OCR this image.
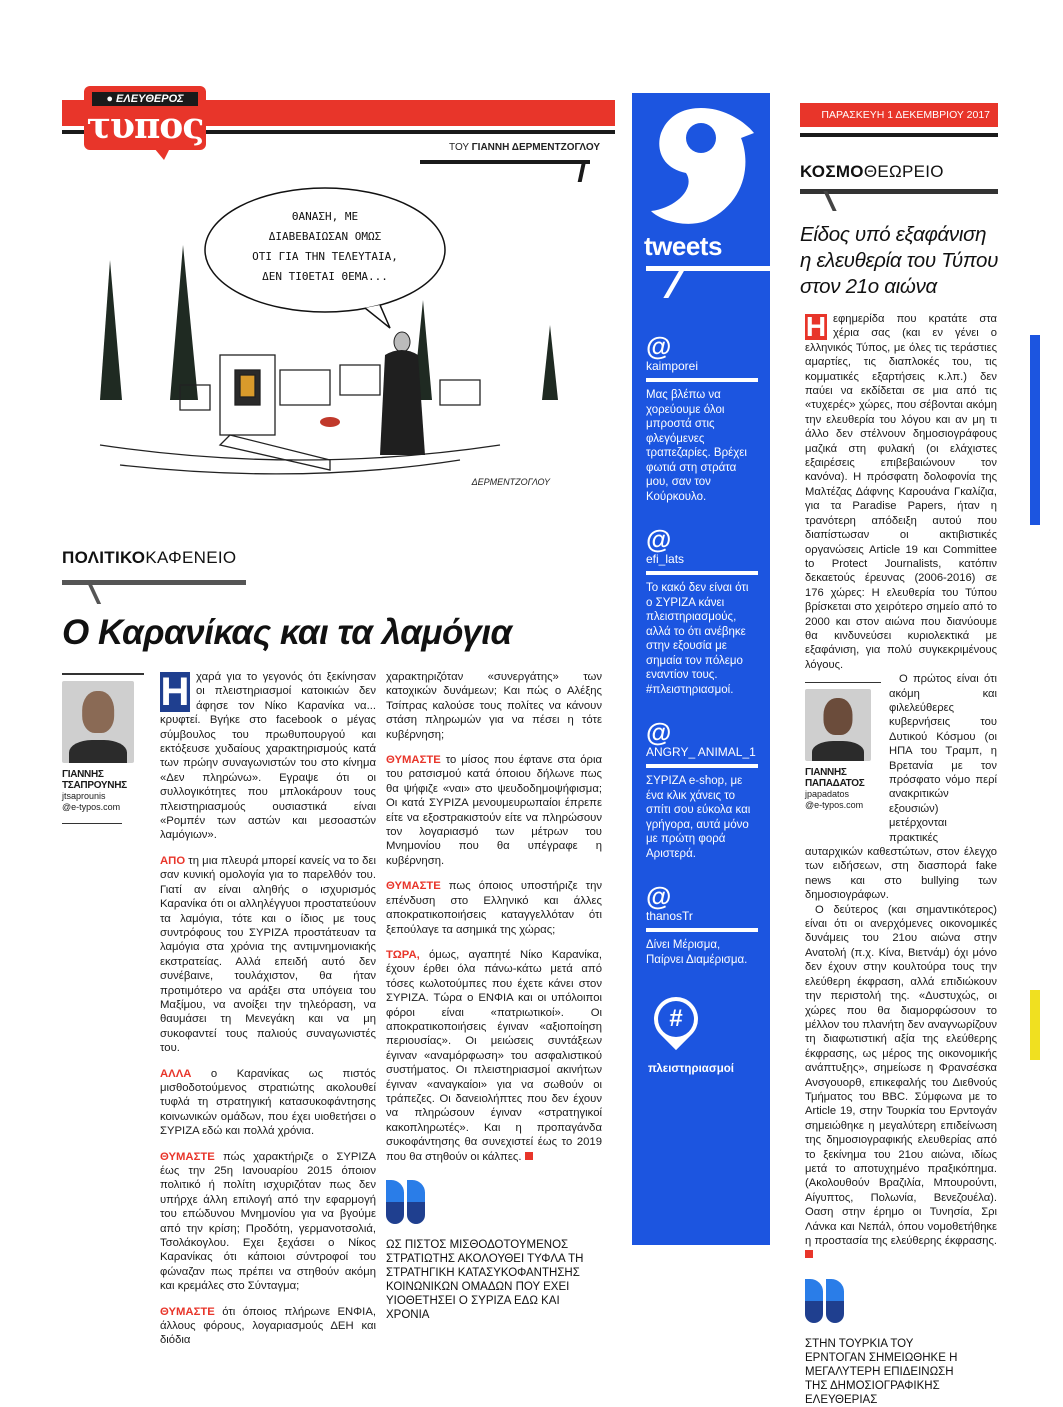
● ΕΛΕΥΘΕΡΟΣ
τυπος
ΤΟΥ ΓΙΑΝΝΗ ΔΕΡΜΕΝΤΖΟΓΛΟΥ
ΘΑΝΑΣΗ, ΜΕ
ΔΙΑΒΕΒΑΙΩΣΑΝ ΟΜΩΣ
ΟΤΙ ΓΙΑ ΤΗΝ ΤΕΛΕΥΤΑΙΑ,
ΔΕΝ ΤΙΘΕΤΑΙ ΘΕΜΑ...
ΔΕΡΜΕΝΤΖΟΓΛΟΥ
ΠΟΛΙΤΙΚΟΚΑΦΕΝΕΙΟ
Ο Καρανίκας και τα λαμόγια
ΓΙΑΝΝΗΣ
ΤΣΑΠΡΟΥΝΗΣ
jtsaprounis
@e-typos.com

Η χαρά για το γεγονός ότι ξεκίνησαν οι πλειστηριασμοί κατοικιών δεν άφησε τον Νίκο Καρανίκα να... κρυφτεί. Βγήκε στο facebook ο μέγας σύμβουλος του πρωθυπουργού και εκτόξευσε χυδαίους χαρακτηρισμούς κατά των πρώην συναγωνιστών του στο κίνημα «Δεν πληρώνω». Εγραψε ότι οι συλλογικότητες που μπλοκάρουν τους πλειστηριασμούς ουσιαστικά είναι «Ρομπέν των αστών και μεσοαστών λαμόγιων».

ΑΠΟ τη μια πλευρά μπορεί κανείς να το δει σαν κυνική ομολογία για το παρελθόν του. Γιατί αν είναι αληθής ο ισχυρισμός Καρανίκα ότι οι αλληλέγγυοι προστατεύουν τα λαμόγια, τότε και ο ίδιος με τους συντρόφους του ΣΥΡΙΖΑ προστάτευαν τα λαμόγια στα χρόνια της αντιμνημονιακής εκστρατείας. Αλλά επειδή αυτό δεν συνέβαινε, τουλάχιστον, θα ήταν προτιμότερο να αράξει στα υπόγεια του Μαξίμου, να ανοίξει την τηλεόραση, να θαυμάσει τη Μενεγάκη και να μη συκοφαντεί τους παλιούς συναγωνιστές του.

ΑΛΛΑ ο Καρανίκας ως πιστός μισθοδοτούμενος στρατιώτης ακολουθεί τυφλά τη στρατηγική κατασυκοφάντησης κοινωνικών ομάδων, που έχει υιοθετήσει ο ΣΥΡΙΖΑ εδώ και πολλά χρόνια.

ΘΥΜΑΣΤΕ πώς χαρακτήριζε ο ΣΥΡΙΖΑ έως την 25η Ιανουαρίου 2015 όποιον πολιτικό ή πολίτη ισχυριζόταν πως δεν υπήρχε άλλη επιλογή από την εφαρμογή του επώδυνου Μνημονίου για να βγούμε από την κρίση; Προδότη, γερμανοτσολιά, Τσολάκογλου. Εχει ξεχάσει ο Νίκος Καρανίκας ότι κάποιοι σύντροφοί του φώναζαν πως πρέπει να στηθούν ακόμη και κρεμάλες στο Σύνταγμα;

ΘΥΜΑΣΤΕ ότι όποιος πλήρωνε ΕΝΦΙΑ, άλλους φόρους, λογαριασμούς ΔΕΗ και διόδια

χαρακτηριζόταν «συνεργάτης» των κατοχικών δυνάμεων; Και πώς ο Αλέξης Τσίπρας καλούσε τους πολίτες να κάνουν στάση πληρωμών για να πέσει η τότε κυβέρνηση;

ΘΥΜΑΣΤΕ το μίσος που έφτανε στα όρια του ρατσισμού κατά όποιου δήλωνε πως θα ψήφιζε «ναι» στο ψευδοδημοψήφισμα; Οι κατά ΣΥΡΙΖΑ μενουμευρωπαίοι έπρεπε είτε να εξοστρακιστούν είτε να πληρώσουν τον λογαριασμό των μέτρων του Μνημονίου που θα υπέγραφε η κυβέρνηση.

ΘΥΜΑΣΤΕ πως όποιος υποστήριζε την επένδυση στο Ελληνικό και άλλες αποκρατικοποιήσεις καταγγελλόταν ότι ξεπούλαγε τα ασημικά της χώρας;

ΤΩΡΑ, όμως, αγαπητέ Νίκο Καρανίκα, έχουν έρθει όλα πάνω-κάτω μετά από τόσες κωλοτούμπες που έχετε κάνει στον ΣΥΡΙΖΑ. Τώρα ο ΕΝΦΙΑ και οι υπόλοιποι φόροι είναι «πατριωτικοί». Οι αποκρατικοποιήσεις έγιναν «αξιοποίηση περιουσίας». Οι μειώσεις συντάξεων έγιναν «αναμόρφωση» του ασφαλιστικού συστήματος. Οι πλειστηριασμοί ακινήτων έγιναν «αναγκαίοι» για να σωθούν οι τράπεζες. Οι δανειολήπτες που δεν έχουν να πληρώσουν έγιναν «στρατηγικοί κακοπληρωτές». Και η προπαγάνδα συκοφάντησης θα συνεχιστεί έως το 2019 που θα στηθούν οι κάλπες.

ΩΣ ΠΙΣΤΟΣ ΜΙΣΘΟΔΟΤΟΥΜΕΝΟΣ ΣΤΡΑΤΙΩΤΗΣ ΑΚΟΛΟΥΘΕΙ ΤΥΦΛΑ ΤΗ ΣΤΡΑΤΗΓΙΚΗ ΚΑΤΑΣΥΚΟΦΑΝΤΗΣΗΣ ΚΟΙΝΩΝΙΚΩΝ ΟΜΑΔΩΝ ΠΟΥ ΕΧΕΙ ΥΙΟΘΕΤΗΣΕΙ Ο ΣΥΡΙΖΑ ΕΔΩ ΚΑΙ ΧΡΟΝΙΑ
tweets
@
kaimporei
Μας βλέπω να χορεύουμε όλοι μπροστά στις φλεγόμενες τραπεζαρίες. Βρέχει φωτιά στη στράτα μου, σαν τον Κούρκουλο.
@
efi_lats
Το κακό δεν είναι ότι ο ΣΥΡΙΖΑ κάνει πλειστηριασμούς, αλλά το ότι ανέβηκε στην εξουσία με σημαία τον πόλεμο εναντίον τους. #πλειστηριασμοί.
@
ANGRY_ ANIMAL_1
ΣΥΡΙΖΑ e-shop, με ένα κλικ χάνεις το σπίτι σου εύκολα και γρήγορα, αυτά μόνο με πρώτη φορά Αριστερά.
@
thanosTr
Δίνει Μέρισμα, Παίρνει Διαμέρισμα.
#
πλειστηριασμοί
ΠΑΡΑΣΚΕΥΗ 1 ΔΕΚΕΜΒΡΙΟΥ 2017
ΚΟΣΜΟΘΕΩΡΕΙΟ
Είδος υπό εξαφάνιση η ελευθερία του Τύπου στον 21ο αιώνα

Η εφημερίδα που κρατάτε στα χέρια σας (και εν γένει ο ελληνικός Τύπος, με όλες τις τεράστιες αμαρτίες, τις διαπλοκές του, τις κομματικές εξαρτήσεις κ.λπ.) δεν παύει να εκδίδεται σε μια από τις «τυχερές» χώρες, που σέβονται ακόμη την ελευθερία του λόγου και αν μη τι άλλο δεν στέλνουν δημοσιογράφους μαζικά στη φυλακή (οι ελάχιστες εξαιρέσεις επιβεβαιώνουν τον κανόνα). Η πρόσφατη δολοφονία της Μαλτέζας Δάφνης Καρουάνα Γκαλίζια, για τα Paradise Papers, ήταν η τρανότερη απόδειξη αυτού που διαπίστωσαν οι ακτιβιστικές οργανώσεις Article 19 και Committee to Protect Journalists, κατόπιν δεκαετούς έρευνας (2006-2016) σε 176 χώρες: Η ελευθερία του Τύπου βρίσκεται στο χειρότερο σημείο από το 2000 και στον αιώνα που διανύουμε θα κινδυνεύσει κυριολεκτικά με εξαφάνιση, για πολύ συγκεκριμένους λόγους.

ΓΙΑΝΝΗΣ
ΠΑΠΑΔΑΤΟΣ
jpapadatos
@e-typos.com

Ο πρώτος είναι ότι ακόμη και φιλελεύθερες κυβερνήσεις του Δυτικού Κόσμου (οι ΗΠΑ του Τραμπ, η Βρετανία με τον πρόσφατο νόμο περί ανακριτικών εξουσιών) μετέρχονται πρακτικές αυταρχικών καθεστώτων, στον έλεγχο των ειδήσεων, στη διασπορά fake news και στο bullying των δημοσιογράφων.

Ο δεύτερος (και σημαντικότερος) είναι ότι οι ανερχόμενες οικονομικές δυνάμεις του 21ου αιώνα στην Ανατολή (π.χ. Κίνα, Βιετνάμ) όχι μόνο δεν έχουν στην κουλτούρα τους την ελεύθερη έκφραση, αλλά επιδιώκουν την περιστολή της. «Δυστυχώς, οι χώρες που θα διαμορφώσουν το μέλλον του πλανήτη δεν αναγνωρίζουν τη διαφωτιστική αξία της ελεύθερης έκφρασης, ως μέρος της οικονομικής ανάπτυξης», σημείωσε η Φρανσέσκα Ανσγουορθ, επικεφαλής του Διεθνούς Τμήματος του BBC. Σύμφωνα με το Article 19, στην Τουρκία του Ερντογάν σημειώθηκε η μεγαλύτερη επιδείνωση της δημοσιογραφικής ελευθερίας από το ξεκίνημα του 21ου αιώνα, ιδίως μετά το αποτυχημένο πραξικόπημα. (Ακολουθούν Βραζιλία, Μπουρούντι, Αίγυπτος, Πολωνία, Βενεζουέλα). Οαση στην έρημο οι Τυνησία, Σρι Λάνκα και Νεπάλ, όπου νομοθετήθηκε η προστασία της ελεύθερης έκφρασης.

ΣΤΗΝ ΤΟΥΡΚΙΑ ΤΟΥ ΕΡΝΤΟΓΑΝ ΣΗΜΕΙΩΘΗΚΕ Η ΜΕΓΑΛΥΤΕΡΗ ΕΠΙΔΕΙΝΩΣΗ ΤΗΣ ΔΗΜΟΣΙΟΓΡΑΦΙΚΗΣ ΕΛΕΥΘΕΡΙΑΣ
